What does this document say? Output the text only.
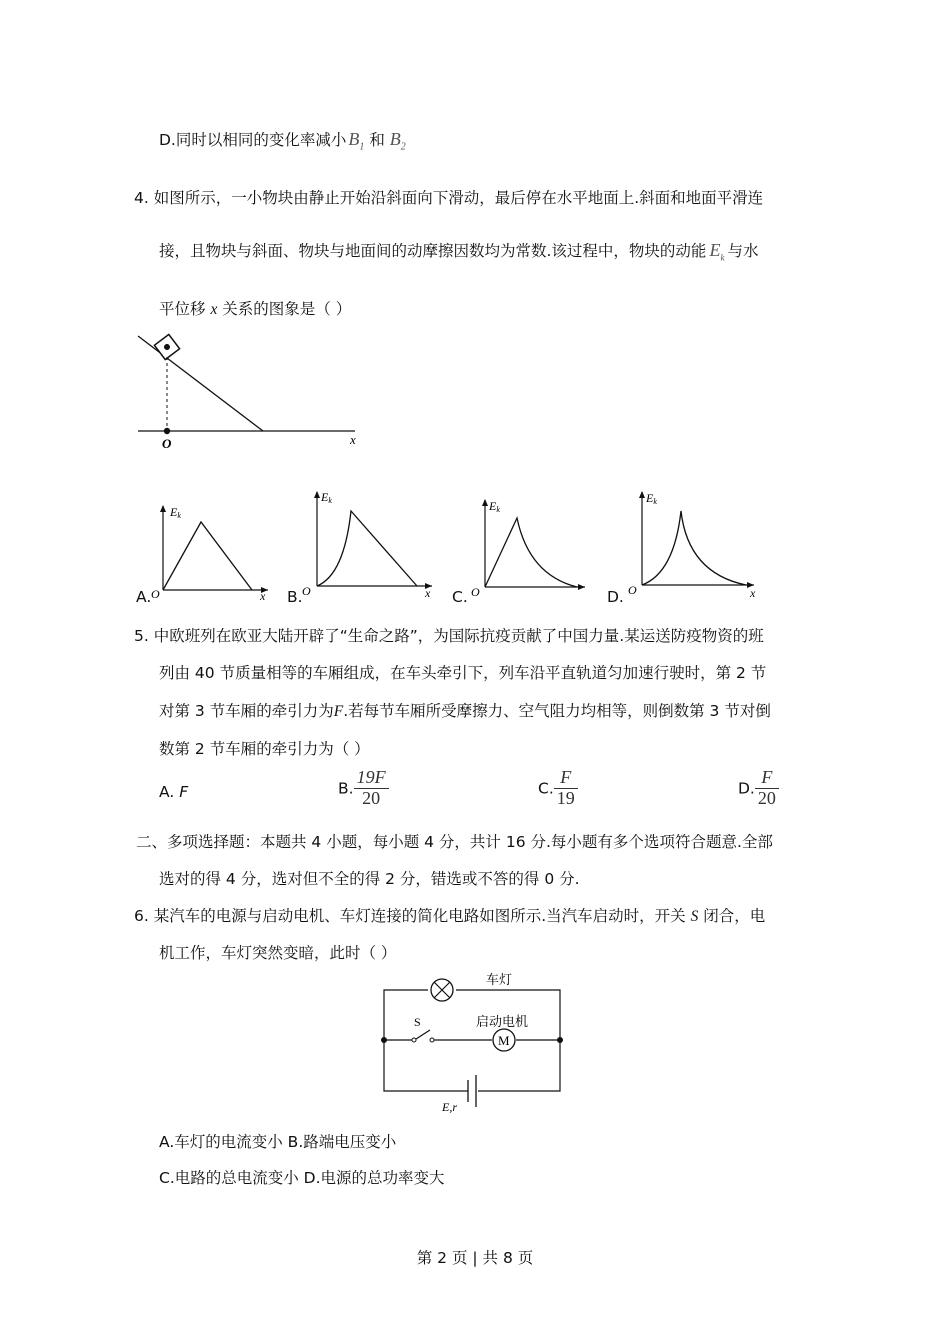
D.同时以相同的变化率减小 $B_1$ 和 $B_2$
4. 如图所示，一小物块由静止开始沿斜面向下滑动，最后停在水平地面上.斜面和地面平滑连
接，且物块与斜面、物块与地面间的动摩擦因数均为常数.该过程中，物块的动能 $E_k$ 与水
平位移 x 关系的图象是（ ）
O	x
A.
Ek
O	x B.
Ek
O	x C.
Ek
O	D.
Ek
O	x
5. 中欧班列在欧亚大陆开辟了“生命之路”，为国际抗疫贡献了中国力量.某运送防疫物资的班
列由 40 节质量相等的车厢组成，在车头牵引下，列车沿平直轨道匀加速行驶时，第 2 节
对第 3 节车厢的牵引力为F.若每节车厢所受摩擦力、空气阻力均相等，则倒数第 3 节对倒
数第 2 节车厢的牵引力为（ ）
A. F	B. $\frac{19F}{20}$	C. $\frac{F}{19}$	D. $\frac{F}{20}$
二、多项选择题：本题共 4 小题，每小题 4 分，共计 16 分.每小题有多个选项符合题意.全部
选对的得 4 分，选对但不全的得 2 分，错选或不答的得 0 分.
6. 某汽车的电源与启动电机、车灯连接的简化电路如图所示.当汽车启动时，开关 S 闭合，电
机工作，车灯突然变暗，此时（ ）
车灯
S
M
启动电机
E,r
A.车灯的电流变小 B.路端电压变小
C.电路的总电流变小 D.电源的总功率变大
第 2 页 | 共 8 页
